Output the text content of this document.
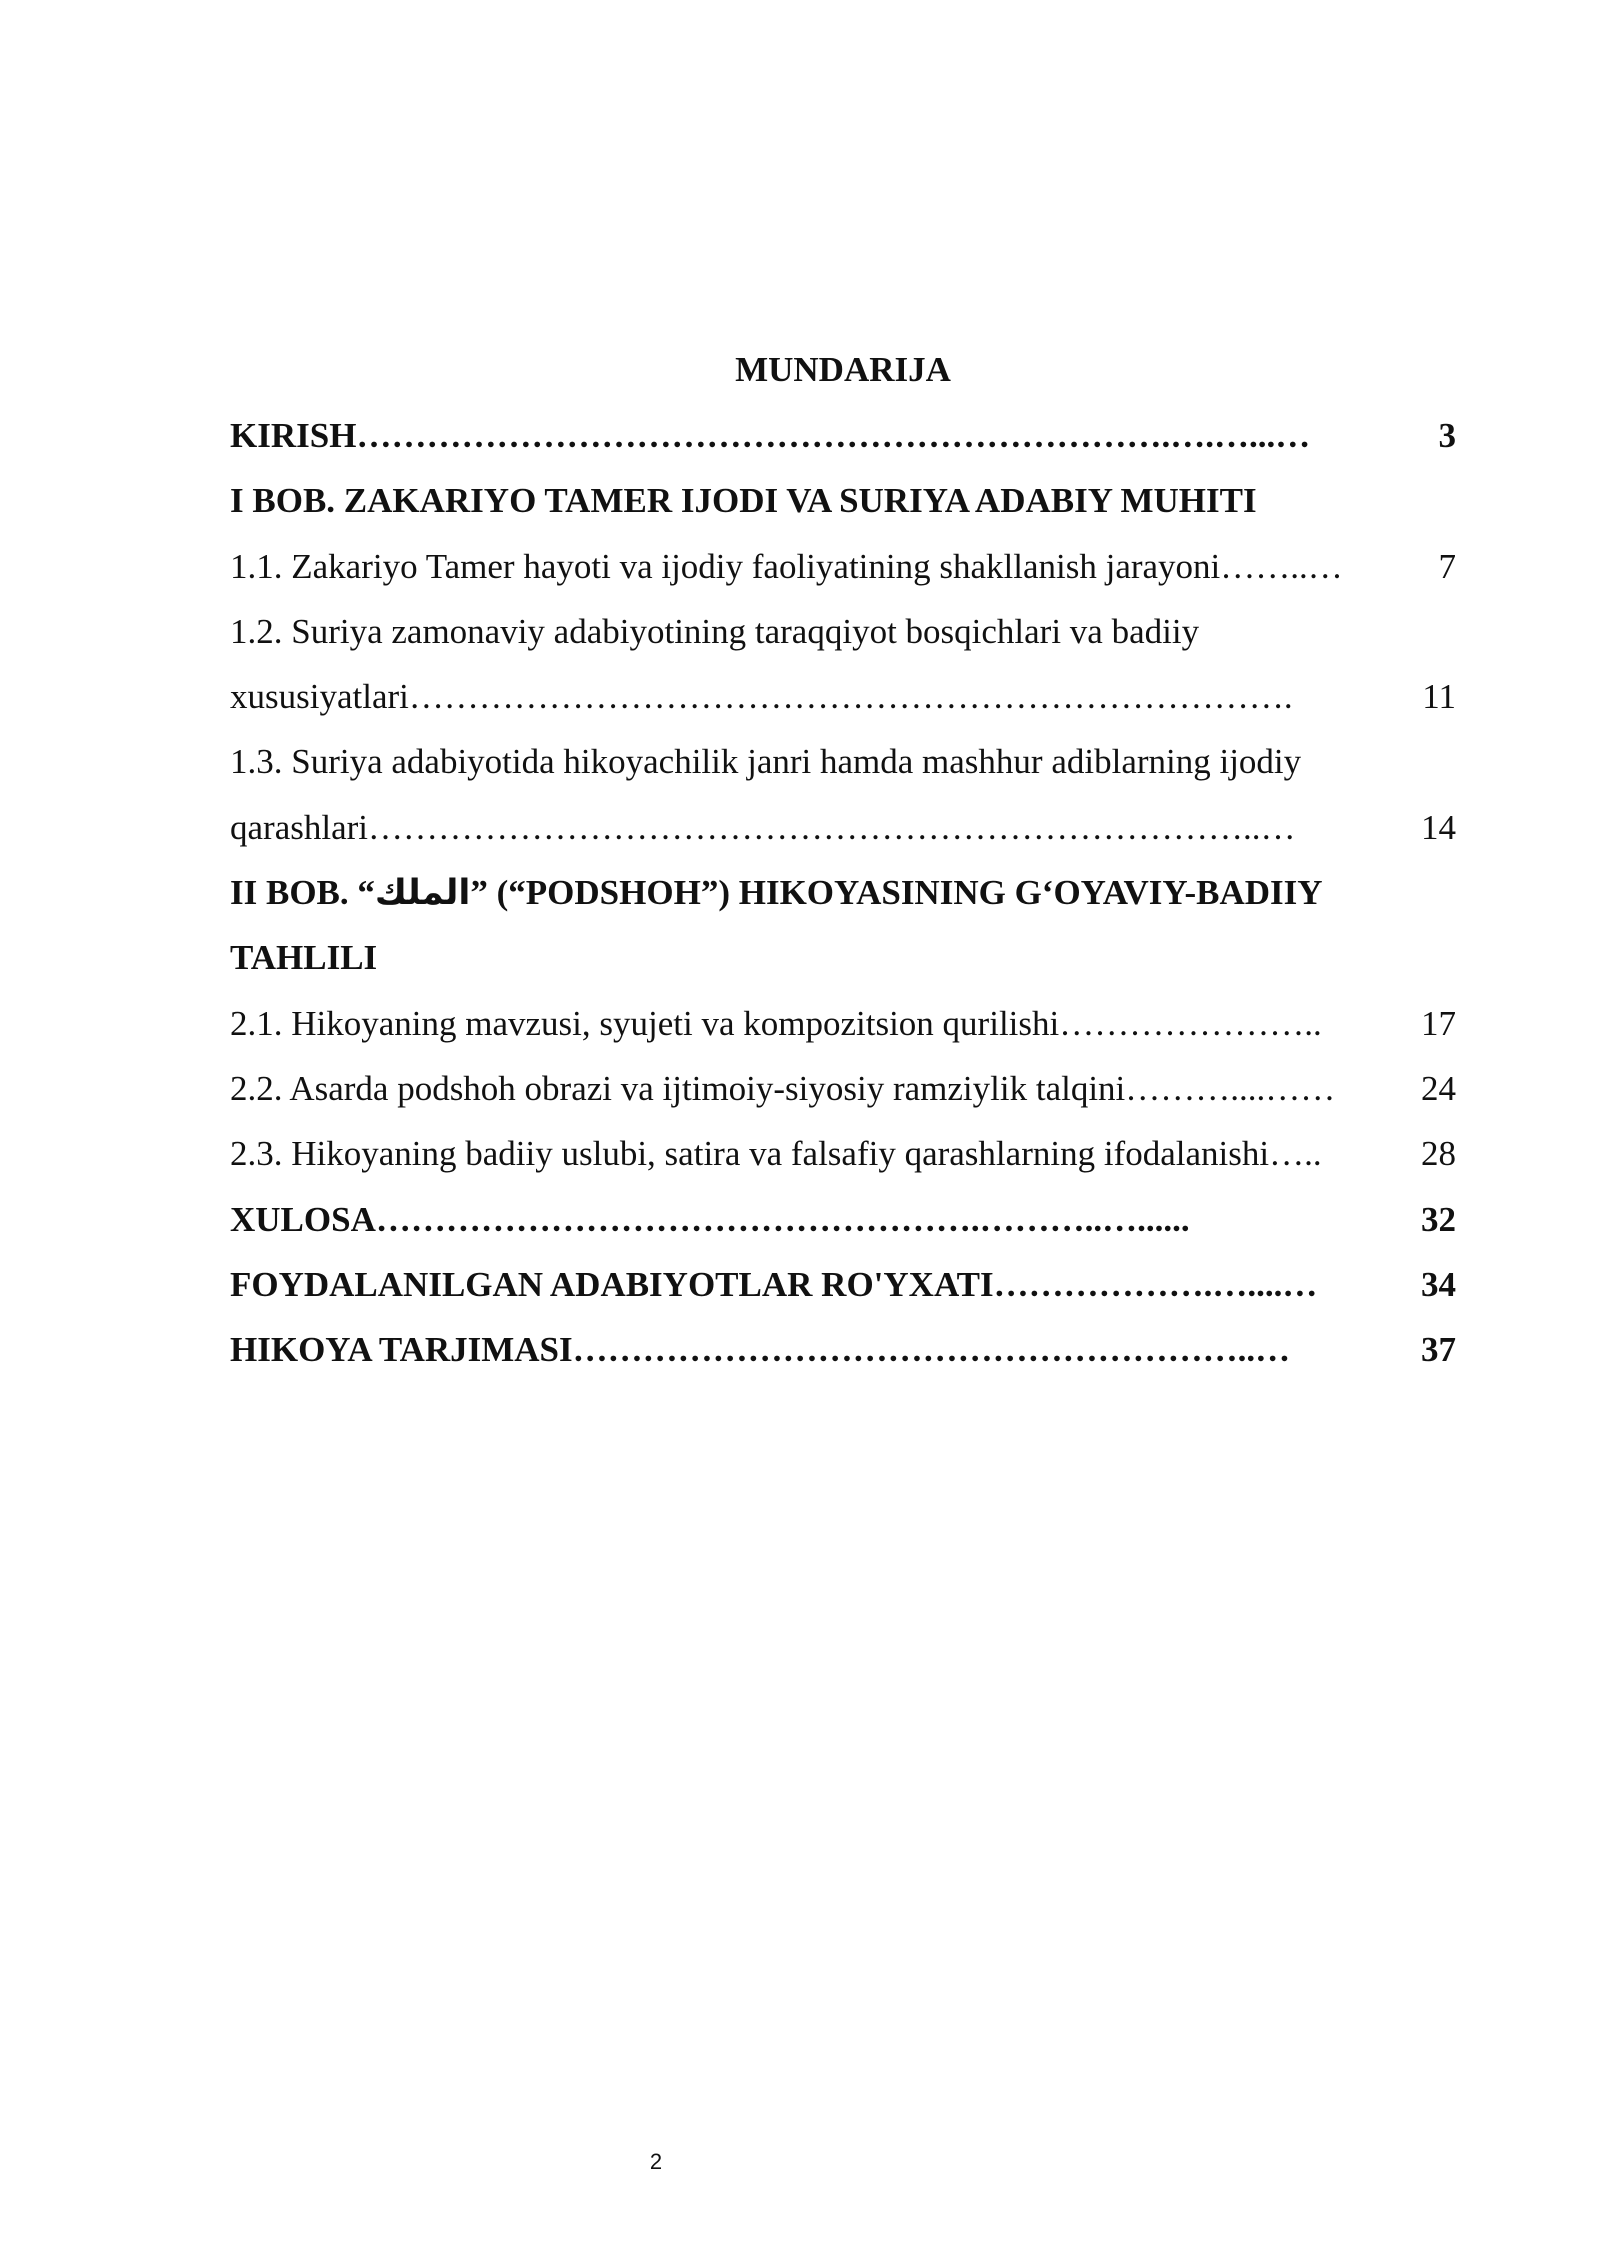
MUNDARIJA
KIRISH …………………………………………………………….….…...…	3
I BOB. ZAKARIYO TAMER IJODI VA SURIYA ADABIY MUHITI
1.1. Zakariyo Tamer hayoti va ijodiy faoliyatining shakllanish jarayoni ……..…	7
1.2. Suriya zamonaviy adabiyotining taraqqiyot bosqichlari va badiiy
xususiyatlari ………………………………………………………………….	11
1.3. Suriya adabiyotida hikoyachilik janri hamda mashhur adiblarning ijodiy
qarashlari …………………………………………………………………..…	14
II BOB. “الملك” (“PODSHOH”) HIKOYASINING G‘OYAVIY-BADIIY
TAHLILI
2.1. Hikoyaning mavzusi, syujeti va kompozitsion qurilishi …………………..	17
2.2. Asarda podshoh obrazi va ijtimoiy-siyosiy ramziylik talqini ………....……	24
2.3. Hikoyaning badiiy uslubi, satira va falsafiy qarashlarning ifodalanishi …..	28
XULOSA …………………………………………….………..…......	32
FOYDALANILGAN ADABIYOTLAR RO'YXATI ……………….…....…	34
HIKOYA TARJIMASI …………………………………………………..…	37
2
